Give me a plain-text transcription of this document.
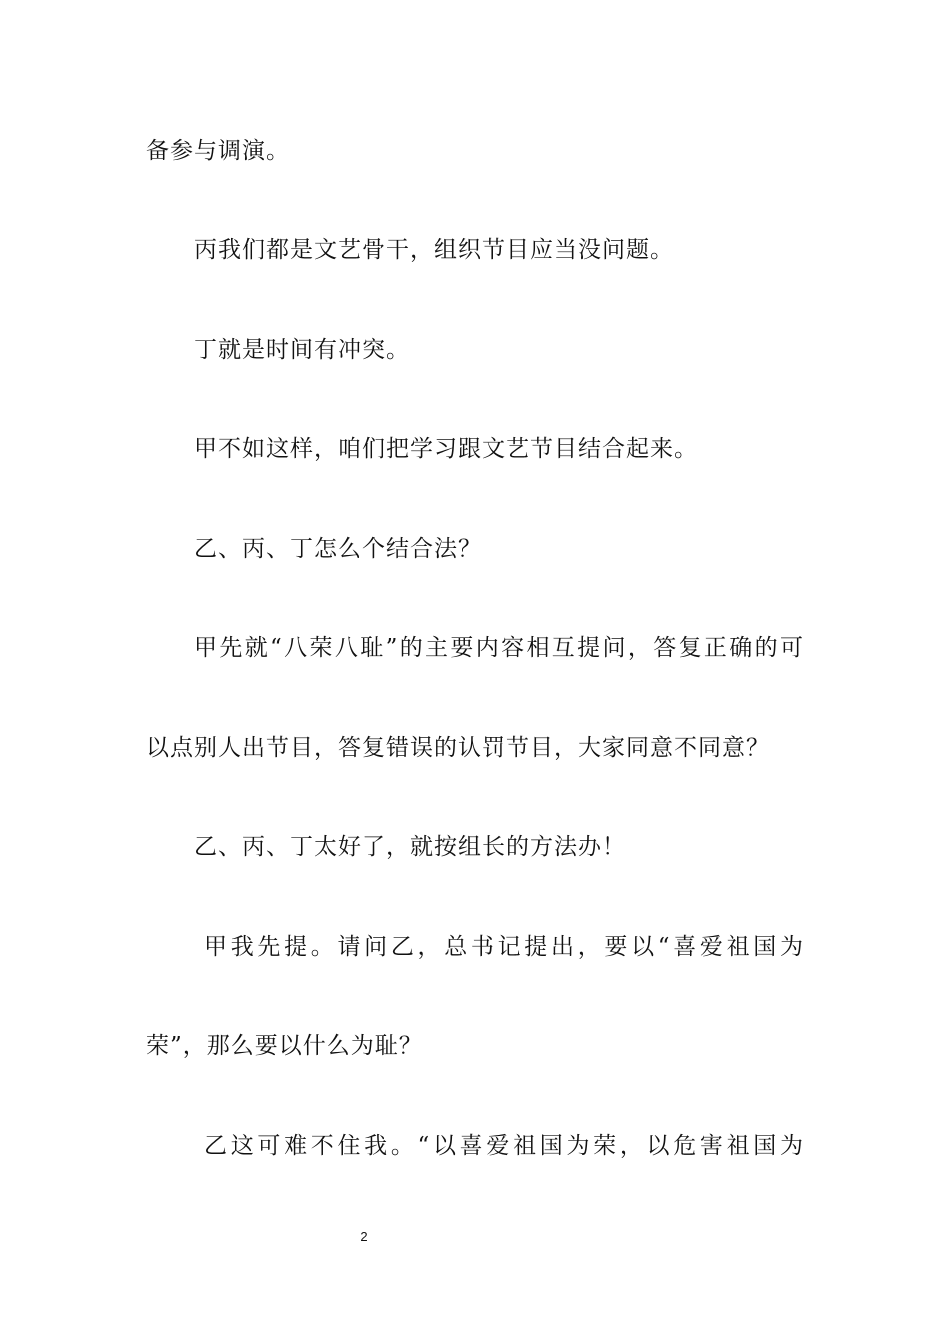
备参与调演。
丙我们都是文艺骨干，组织节目应当没问题。
丁就是时间有冲突。
甲不如这样，咱们把学习跟文艺节目结合起来。
乙、丙、丁怎么个结合法？
甲先就“八荣八耻”的主要内容相互提问，答复正确的可
以点别人出节目，答复错误的认罚节目，大家同意不同意？
乙、丙、丁太好了，就按组长的方法办！
甲我先提。请问乙，总书记提出，要以“喜爱祖国为
荣”，那么要以什么为耻？
乙这可难不住我。“以喜爱祖国为荣，以危害祖国为
2
